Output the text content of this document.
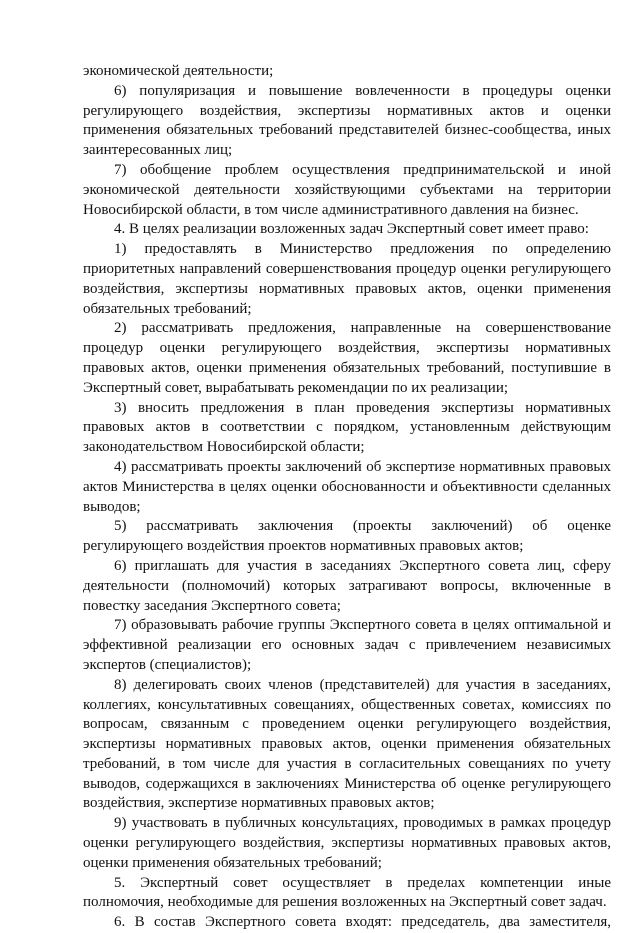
экономической деятельности;

6) популяризация и повышение вовлеченности в процедуры оценки регулирующего воздействия, экспертизы нормативных актов и оценки применения обязательных требований представителей бизнес-сообщества, иных заинтересованных лиц;

7) обобщение проблем осуществления предпринимательской и иной экономической деятельности хозяйствующими субъектами на территории Новосибирской области, в том числе административного давления на бизнес.

4. В целях реализации возложенных задач Экспертный совет имеет право:

1) предоставлять в Министерство предложения по определению приоритетных направлений совершенствования процедур оценки регулирующего воздействия, экспертизы нормативных правовых актов, оценки применения обязательных требований;

2) рассматривать предложения, направленные на совершенствование процедур оценки регулирующего воздействия, экспертизы нормативных правовых актов, оценки применения обязательных требований, поступившие в Экспертный совет, вырабатывать рекомендации по их реализации;

3) вносить предложения в план проведения экспертизы нормативных правовых актов в соответствии с порядком, установленным действующим законодательством Новосибирской области;

4) рассматривать проекты заключений об экспертизе нормативных правовых актов Министерства в целях оценки обоснованности и объективности сделанных выводов;

5) рассматривать заключения (проекты заключений) об оценке регулирующего воздействия проектов нормативных правовых актов;

6) приглашать для участия в заседаниях Экспертного совета лиц, сферу деятельности (полномочий) которых затрагивают вопросы, включенные в повестку заседания Экспертного совета;

7) образовывать рабочие группы Экспертного совета в целях оптимальной и эффективной реализации его основных задач с привлечением независимых экспертов (специалистов);

8) делегировать своих членов (представителей) для участия в заседаниях, коллегиях, консультативных совещаниях, общественных советах, комиссиях по вопросам, связанным с проведением оценки регулирующего воздействия, экспертизы нормативных правовых актов, оценки применения обязательных требований, в том числе для участия в согласительных совещаниях по учету выводов, содержащихся в заключениях Министерства об оценке регулирующего воздействия, экспертизе нормативных правовых актов;

9) участвовать в публичных консультациях, проводимых в рамках процедур оценки регулирующего воздействия, экспертизы нормативных правовых актов, оценки применения обязательных требований;

5. Экспертный совет осуществляет в пределах компетенции иные полномочия, необходимые для решения возложенных на Экспертный совет задач.

6. В состав Экспертного совета входят: председатель, два заместителя,
